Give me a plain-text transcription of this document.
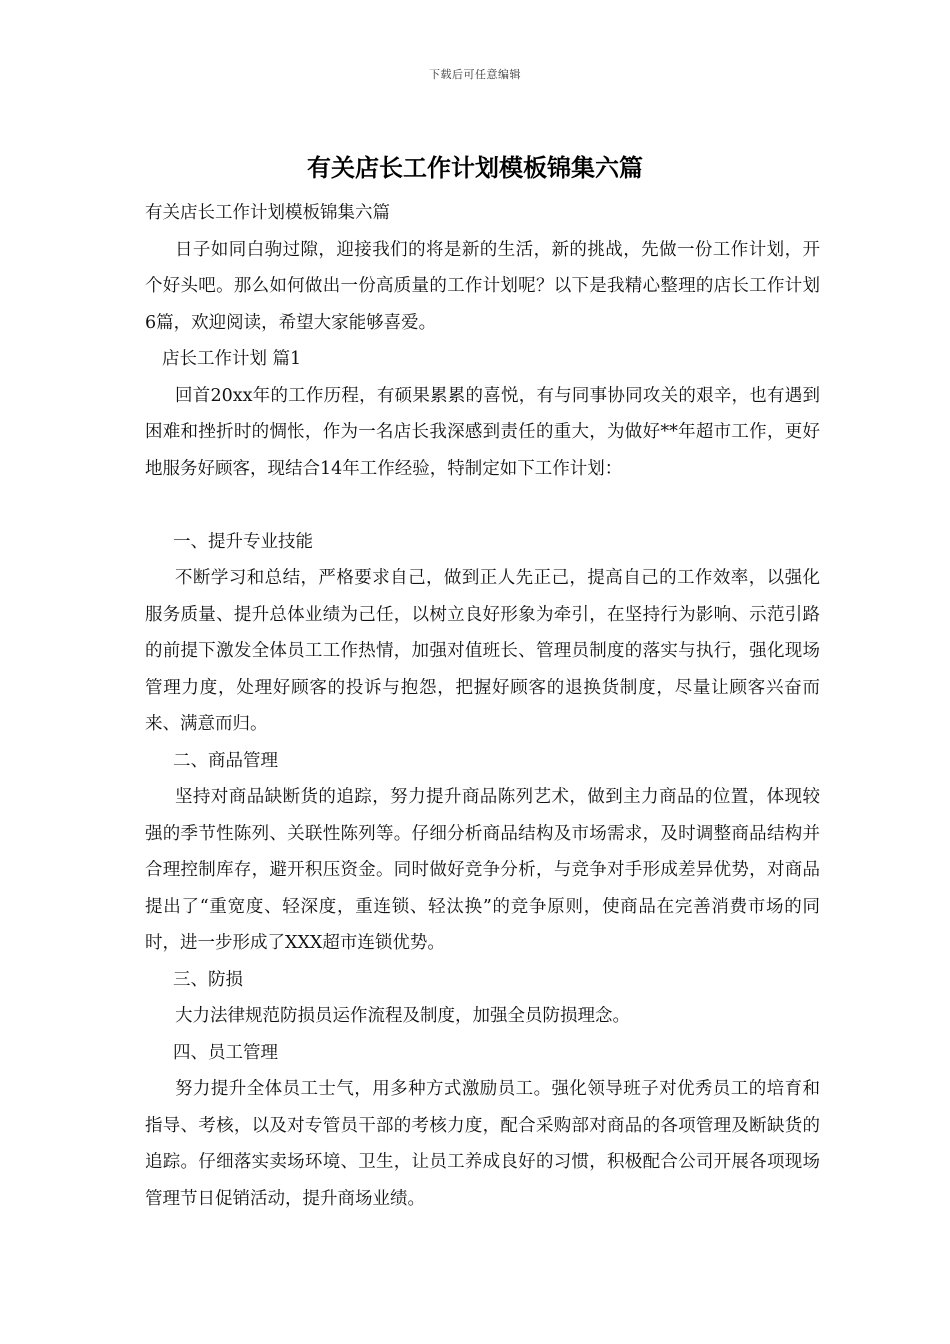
下载后可任意编辑
有关店长工作计划模板锦集六篇

有关店长工作计划模板锦集六篇

日子如同白驹过隙，迎接我们的将是新的生活，新的挑战，先做一份工作计划，开个好头吧。那么如何做出一份高质量的工作计划呢？以下是我精心整理的店长工作计划6篇，欢迎阅读，希望大家能够喜爱。

店长工作计划 篇1

回首20xx年的工作历程，有硕果累累的喜悦，有与同事协同攻关的艰辛，也有遇到困难和挫折时的惆怅，作为一名店长我深感到责任的重大，为做好**年超市工作，更好地服务好顾客，现结合14年工作经验，特制定如下工作计划：

一、提升专业技能

不断学习和总结，严格要求自己，做到正人先正己，提高自己的工作效率，以强化服务质量、提升总体业绩为己任，以树立良好形象为牵引，在坚持行为影响、示范引路的前提下激发全体员工工作热情，加强对值班长、管理员制度的落实与执行，强化现场管理力度，处理好顾客的投诉与抱怨，把握好顾客的退换货制度，尽量让顾客兴奋而来、满意而归。

二、商品管理

坚持对商品缺断货的追踪，努力提升商品陈列艺术，做到主力商品的位置，体现较强的季节性陈列、关联性陈列等。仔细分析商品结构及市场需求，及时调整商品结构并合理控制库存，避开积压资金。同时做好竞争分析，与竞争对手形成差异优势，对商品提出了“重宽度、轻深度，重连锁、轻汰换”的竞争原则，使商品在完善消费市场的同时，进一步形成了XXX超市连锁优势。

三、防损

大力法律规范防损员运作流程及制度，加强全员防损理念。

四、员工管理

努力提升全体员工士气，用多种方式激励员工。强化领导班子对优秀员工的培育和指导、考核，以及对专管员干部的考核力度，配合采购部对商品的各项管理及断缺货的追踪。仔细落实卖场环境、卫生，让员工养成良好的习惯，积极配合公司开展各项现场管理节日促销活动，提升商场业绩。
